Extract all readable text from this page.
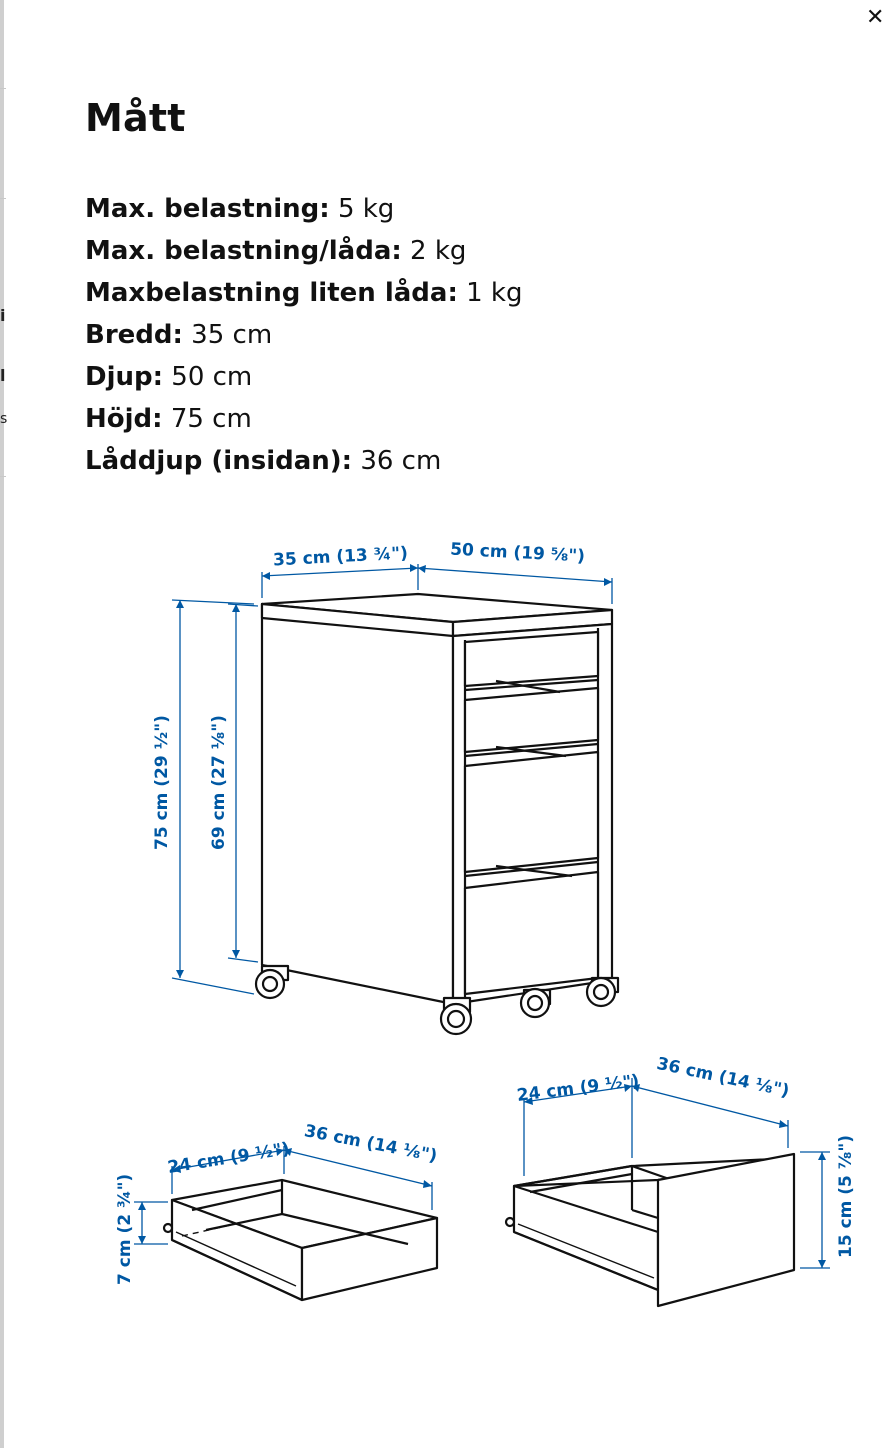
i
l
s
✕
Mått
Max. belastning: 5 kg
Max. belastning/låda: 2 kg
Maxbelastning liten låda: 1 kg
Bredd: 35 cm
Djup: 50 cm
Höjd: 75 cm
Låddjup (insidan): 36 cm
35 cm (13 ¾") 50 cm (19 ⅝")
75 cm (29 ½") 69 cm (27 ⅛")
24 cm (9 ½") 36 cm (14 ⅛")
7 cm (2 ¾")
24 cm (9 ½") 36 cm (14 ⅛")
15 cm (5 ⅞")
